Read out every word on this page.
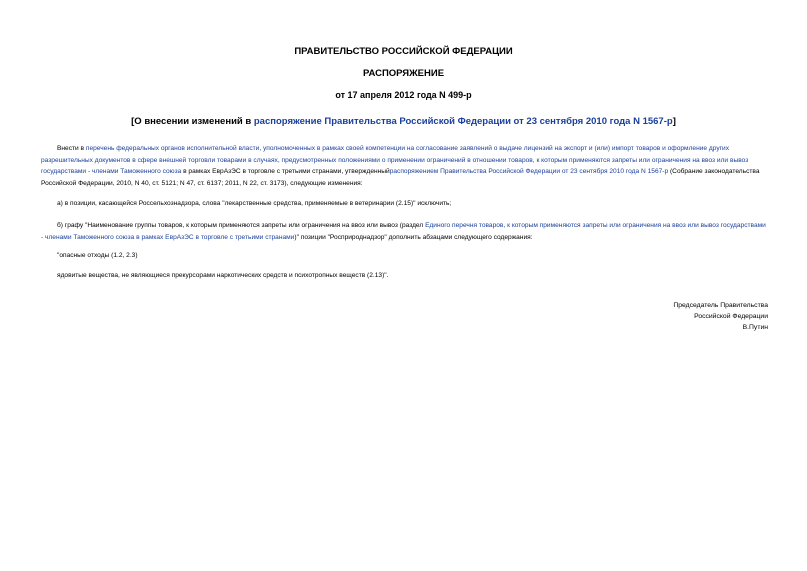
ПРАВИТЕЛЬСТВО РОССИЙСКОЙ ФЕДЕРАЦИИ
РАСПОРЯЖЕНИЕ
от 17 апреля 2012 года N 499-р
[О внесении изменений в распоряжение Правительства Российской Федерации от 23 сентября 2010 года N 1567-р]

Внести в перечень федеральных органов исполнительной власти, уполномоченных в рамках своей компетенции на согласование заявлений о выдаче лицензий на экспорт и (или) импорт товаров и оформление других разрешительных документов в сфере внешней торговли товарами в случаях, предусмотренных положениями о применении ограничений в отношении товаров, к которым применяются запреты или ограничения на ввоз или вывоз государствами - членами Таможенного союза в рамках ЕврАзЭС в торговле с третьими странами, утвержденныйраспоряжением Правительства Российской Федерации от 23 сентября 2010 года N 1567-р (Собрание законодательства Российской Федерации, 2010, N 40, ст. 5121; N 47, ст. 6137; 2011, N 22, ст. 3173), следующие изменения:

а) в позиции, касающейся Россельхознадзора, слова "лекарственные средства, применяемые в ветеринарии (2.15)" исключить;

б) графу "Наименование группы товаров, к которым применяются запреты или ограничения на ввоз или вывоз (раздел Единого перечня товаров, к которым применяются запреты или ограничения на ввоз или вывоз государствами - членами Таможенного союза в рамках ЕврАзЭС в торговле с третьими странами)" позиции "Росприроднадзор" дополнить абзацами следующего содержания:

"опасные отходы (1.2, 2.3)

ядовитые вещества, не являющиеся прекурсорами наркотических средств и психотропных веществ (2.13)".

Председатель Правительства
Российской Федерации
В.Путин
